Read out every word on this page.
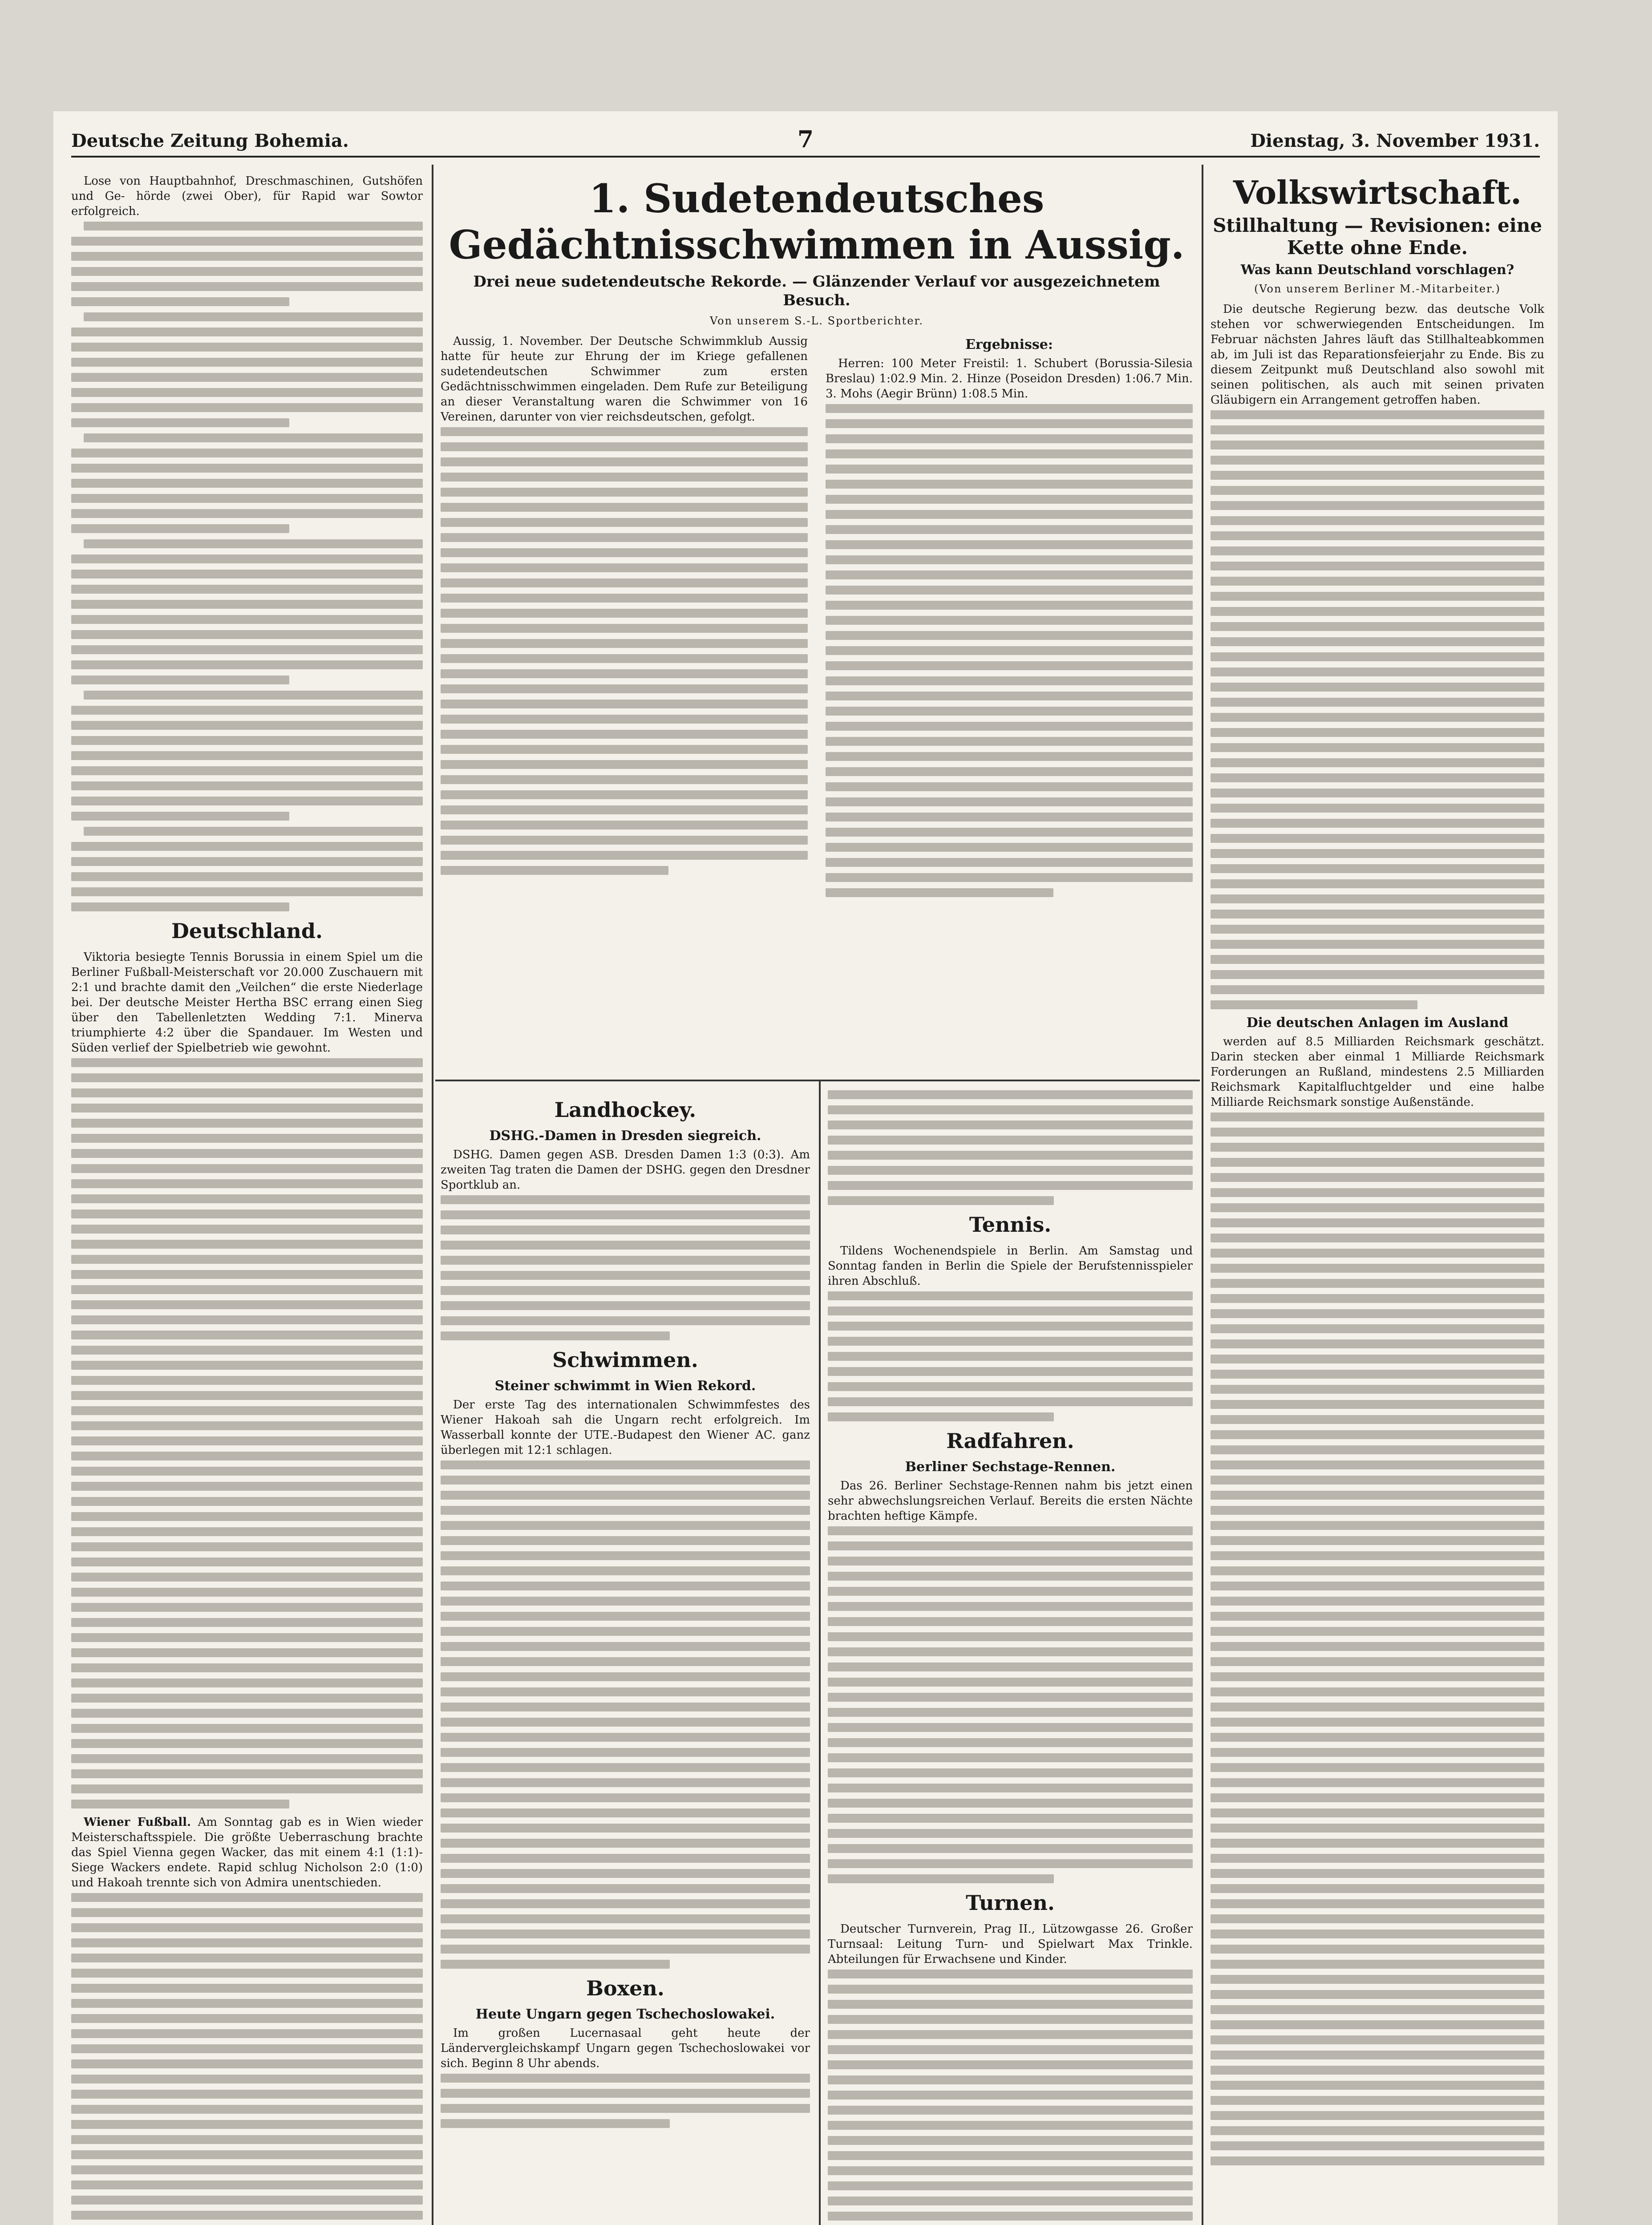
Deutsche Zeitung Bohemia.	7	Dienstag, 3. November 1931.

Lose von Hauptbahnhof, Dreschmaschinen, Gutshöfen und Ge- hörde (zwei Ober), für Rapid war Sowtor erfolgreich.

Deutschland.

Viktoria besiegte Tennis Borussia in einem Spiel um die Berliner Fußball-Meisterschaft vor 20.000 Zuschauern mit 2:1 und brachte damit den „Veilchen“ die erste Niederlage bei. Der deutsche Meister Hertha BSC errang einen Sieg über den Tabellenletzten Wedding 7:1. Minerva triumphierte 4:2 über die Spandauer. Im Westen und Süden verlief der Spielbetrieb wie gewohnt.

Wiener Fußball. Am Sonntag gab es in Wien wieder Meisterschaftsspiele. Die größte Ueberraschung brachte das Spiel Vienna gegen Wacker, das mit einem 4:1 (1:1)-Siege Wackers endete. Rapid schlug Nicholson 2:0 (1:0) und Hakoah trennte sich von Admira unentschieden.

1. Sudetendeutsches Gedächtnisschwimmen in Aussig.
Drei neue sudetendeutsche Rekorde. — Glänzender Verlauf vor ausgezeichnetem Besuch.
Von unserem S.-L. Sportberichter.

Aussig, 1. November. Der Deutsche Schwimmklub Aussig hatte für heute zur Ehrung der im Kriege gefallenen sudetendeutschen Schwimmer zum ersten Gedächtnisschwimmen eingeladen. Dem Rufe zur Beteiligung an dieser Veranstaltung waren die Schwimmer von 16 Vereinen, darunter von vier reichsdeutschen, gefolgt.

Ergebnisse:

Herren: 100 Meter Freistil: 1. Schubert (Borussia-Silesia Breslau) 1:02.9 Min. 2. Hinze (Poseidon Dresden) 1:06.7 Min. 3. Mohs (Aegir Brünn) 1:08.5 Min.

Landhockey.
DSHG.-Damen in Dresden siegreich.

DSHG. Damen gegen ASB. Dresden Damen 1:3 (0:3). Am zweiten Tag traten die Damen der DSHG. gegen den Dresdner Sportklub an.

Schwimmen.
Steiner schwimmt in Wien Rekord.

Der erste Tag des internationalen Schwimmfestes des Wiener Hakoah sah die Ungarn recht erfolgreich. Im Wasserball konnte der UTE.-Budapest den Wiener AC. ganz überlegen mit 12:1 schlagen.

Boxen.
Heute Ungarn gegen Tschechoslowakei.

Im großen Lucernasaal geht heute der Ländervergleichskampf Ungarn gegen Tschechoslowakei vor sich. Beginn 8 Uhr abends.

Tennis.

Tildens Wochenendspiele in Berlin. Am Samstag und Sonntag fanden in Berlin die Spiele der Berufstennisspieler ihren Abschluß.

Radfahren.
Berliner Sechstage-Rennen.

Das 26. Berliner Sechstage-Rennen nahm bis jetzt einen sehr abwechslungsreichen Verlauf. Bereits die ersten Nächte brachten heftige Kämpfe.

Turnen.

Deutscher Turnverein, Prag II., Lützowgasse 26. Großer Turnsaal: Leitung Turn- und Spielwart Max Trinkle. Abteilungen für Erwachsene und Kinder.

Volkswirtschaft.
Stillhaltung — Revisionen: eine Kette ohne Ende.
Was kann Deutschland vorschlagen?
(Von unserem Berliner M.-Mitarbeiter.)

Die deutsche Regierung bezw. das deutsche Volk stehen vor schwerwiegenden Entscheidungen. Im Februar nächsten Jahres läuft das Stillhalteabkommen ab, im Juli ist das Reparationsfeierjahr zu Ende. Bis zu diesem Zeitpunkt muß Deutschland also sowohl mit seinen politischen, als auch mit seinen privaten Gläubigern ein Arrangement getroffen haben.

Die deutschen Anlagen im Ausland

werden auf 8.5 Milliarden Reichsmark geschätzt. Darin stecken aber einmal 1 Milliarde Reichsmark Forderungen an Rußland, mindestens 2.5 Milliarden Reichsmark Kapitalfluchtgelder und eine halbe Milliarde Reichsmark sonstige Außenstände.
